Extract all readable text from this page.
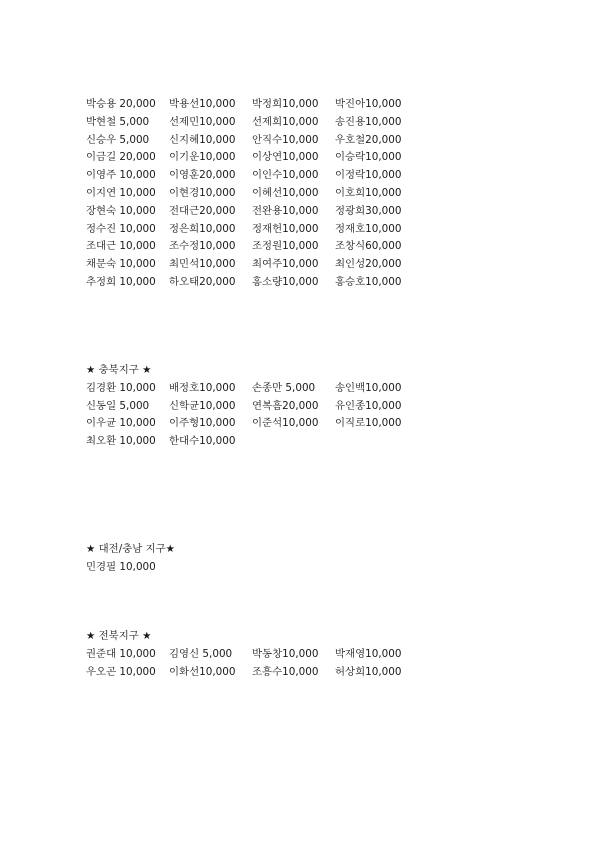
박승용 20,000 박용선10,000 박정희10,000 박진아10,000
박현철 5,000 선제민10,000 선제희10,000 송진용10,000
신승우 5,000 신지혜10,000 안직수10,000 우호철20,000
이금길 20,000 이기운10,000 이상연10,000 이승락10,000
이영주 10,000 이영훈20,000 이인수10,000 이정락10,000
이지연 10,000 이현경10,000 이혜선10,000 이호희10,000
장현숙 10,000 전대근20,000 전완용10,000 정광희30,000
정수진 10,000 정은희10,000 정재헌10,000 정재호10,000
조대근 10,000 조수정10,000 조정원10,000 조창식60,000
채문숙 10,000 최민석10,000 최여주10,000 최인성20,000
추정희 10,000 하오태20,000 홍소량10,000 홍승호10,000
★ 충북지구 ★
김경환 10,000 배정호10,000 손종만 5,000 송인백10,000
신동일 5,000 신학균10,000 연복흠20,000 유인종10,000
이우균 10,000 이주형10,000 이준석10,000 이직로10,000
최오환 10,000 한대수10,000
★ 대전/충남 지구★
민경필 10,000
★ 전북지구 ★
권준대 10,000 김영신 5,000 박동창10,000 박재영10,000
우오곤 10,000 이화선10,000 조흥수10,000 허상희10,000
